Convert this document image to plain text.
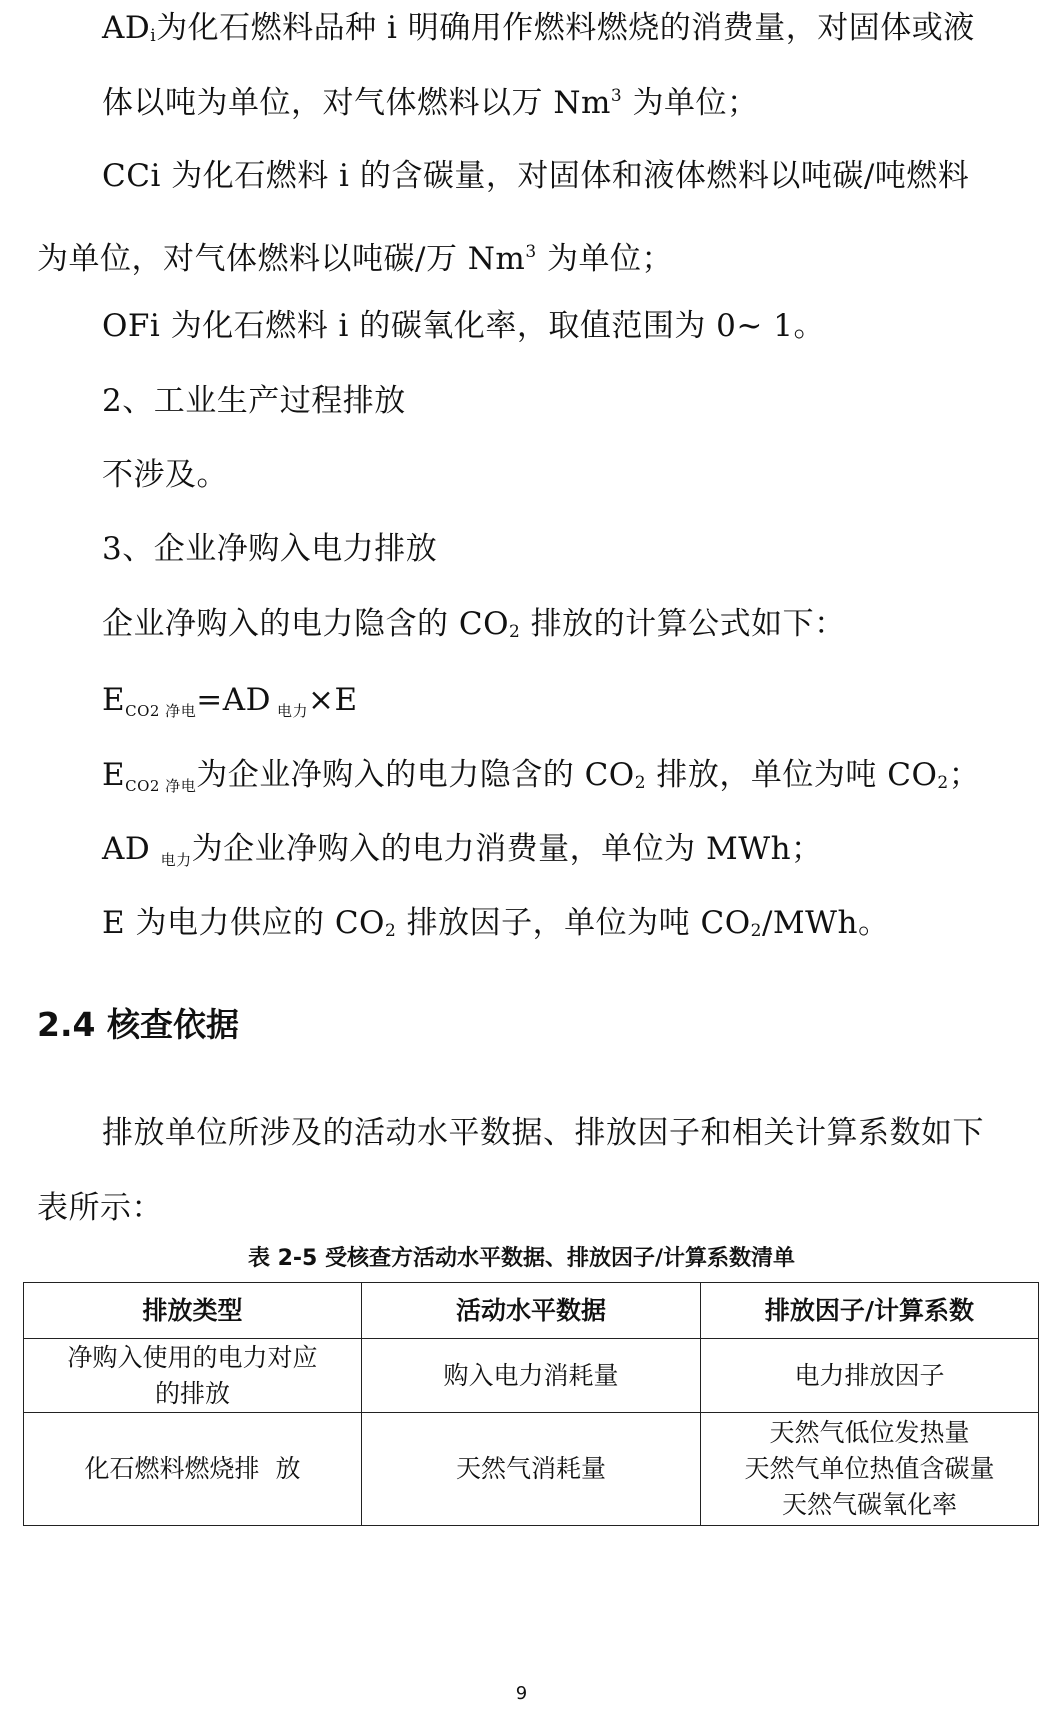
ADi为化石燃料品种 i 明确用作燃料燃烧的消费量，对固体或液
体以吨为单位，对气体燃料以万 Nm$^3$ 为单位；
CCi 为化石燃料 i 的含碳量，对固体和液体燃料以吨碳/吨燃料
为单位，对气体燃料以吨碳/万 Nm$^3$ 为单位；
OFi 为化石燃料 i 的碳氧化率，取值范围为 0~ 1。
2、工业生产过程排放
不涉及。
3、企业净购入电力排放
企业净购入的电力隐含的 CO2 排放的计算公式如下：
ECO2 净电=AD 电力×E
ECO2 净电为企业净购入的电力隐含的 CO2 排放，单位为吨 CO2；
AD 电力为企业净购入的电力消费量，单位为 MWh；
E 为电力供应的 CO2 排放因子，单位为吨 CO2/MWh。
2.4 核查依据
排放单位所涉及的活动水平数据、排放因子和相关计算系数如下
表所示：
表 2-5 受核查方活动水平数据、排放因子/计算系数清单
排放类型	活动水平数据	排放因子/计算系数

净购入使用的电力对应
的排放	购入电力消耗量	电力排放因子
化石燃料燃烧排  放	天然气消耗量	天然气低位发热量
天然气单位热值含碳量
天然气碳氧化率
9
